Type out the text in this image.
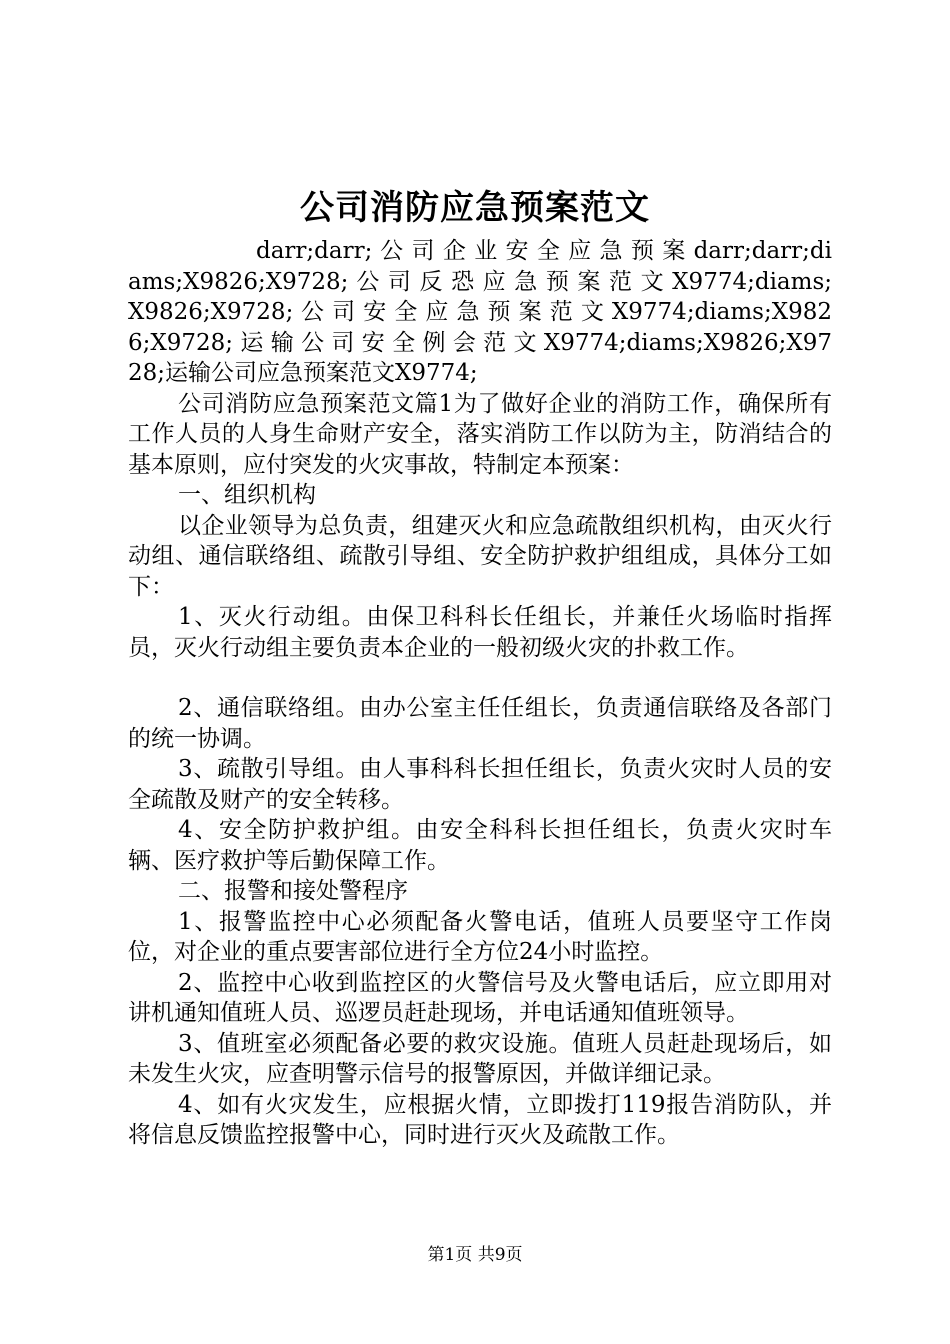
公司消防应急预案范文

darr;darr; 公 司 企 业 安 全 应 急 预 案 darr;darr;diams;X9826;X9728; 公 司 反 恐 应 急 预 案 范 文 X9774;diams;X9826;X9728; 公 司 安 全 应 急 预 案 范 文 X9774;diams;X9826;X9728; 运 输 公 司 安 全 例 会 范 文 X9774;diams;X9826;X9728;运输公司应急预案范文X9774;

公司消防应急预案范文篇1为了做好企业的消防工作，确保所有工作人员的人身生命财产安全，落实消防工作以防为主，防消结合的基本原则，应付突发的火灾事故，特制定本预案：

一、组织机构

以企业领导为总负责，组建灭火和应急疏散组织机构，由灭火行动组、通信联络组、疏散引导组、安全防护救护组组成，具体分工如下：

1、灭火行动组。由保卫科科长任组长，并兼任火场临时指挥员，灭火行动组主要负责本企业的一般初级火灾的扑救工作。

2、通信联络组。由办公室主任任组长，负责通信联络及各部门的统一协调。

3、疏散引导组。由人事科科长担任组长，负责火灾时人员的安全疏散及财产的安全转移。

4、安全防护救护组。由安全科科长担任组长，负责火灾时车辆、医疗救护等后勤保障工作。

二、报警和接处警程序

1、报警监控中心必须配备火警电话，值班人员要坚守工作岗位，对企业的重点要害部位进行全方位24小时监控。

2、监控中心收到监控区的火警信号及火警电话后，应立即用对讲机通知值班人员、巡逻员赶赴现场，并电话通知值班领导。

3、值班室必须配备必要的救灾设施。值班人员赶赴现场后，如未发生火灾，应查明警示信号的报警原因，并做详细记录。

4、如有火灾发生，应根据火情，立即拨打119报告消防队，并将信息反馈监控报警中心，同时进行灭火及疏散工作。

第1页 共9页
